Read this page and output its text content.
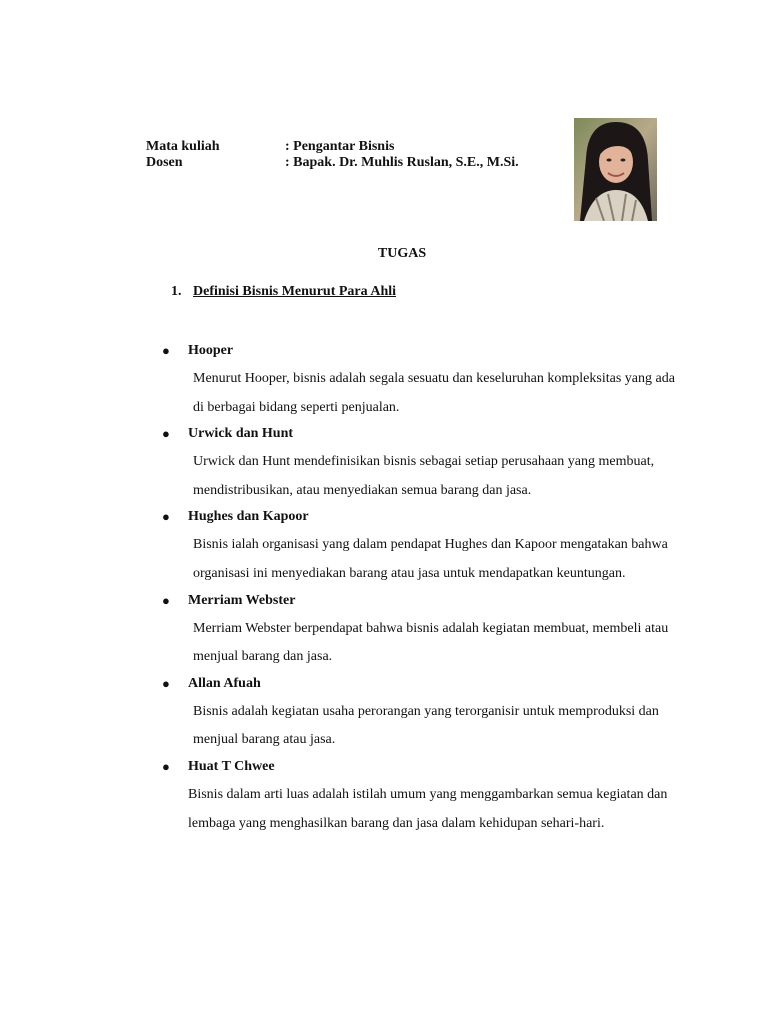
Mata kuliah	: Pengantar Bisnis
Dosen	: Bapak. Dr. Muhlis Ruslan, S.E., M.Si.
TUGAS
1. Definisi Bisnis Menurut Para Ahli
● Hooper
Menurut Hooper, bisnis adalah segala sesuatu dan keseluruhan kompleksitas yang ada di berbagai bidang seperti penjualan.
● Urwick dan Hunt
Urwick dan Hunt mendefinisikan bisnis sebagai setiap perusahaan yang membuat, mendistribusikan, atau menyediakan semua barang dan jasa.
● Hughes dan Kapoor
Bisnis ialah organisasi yang dalam pendapat Hughes dan Kapoor mengatakan bahwa organisasi ini menyediakan barang atau jasa untuk mendapatkan keuntungan.
● Merriam Webster
Merriam Webster berpendapat bahwa bisnis adalah kegiatan membuat, membeli atau menjual barang dan jasa.
● Allan Afuah
Bisnis adalah kegiatan usaha perorangan yang terorganisir untuk memproduksi dan menjual barang atau jasa.
● Huat T Chwee
Bisnis dalam arti luas adalah istilah umum yang menggambarkan semua kegiatan dan lembaga yang menghasilkan barang dan jasa dalam kehidupan sehari-hari.
